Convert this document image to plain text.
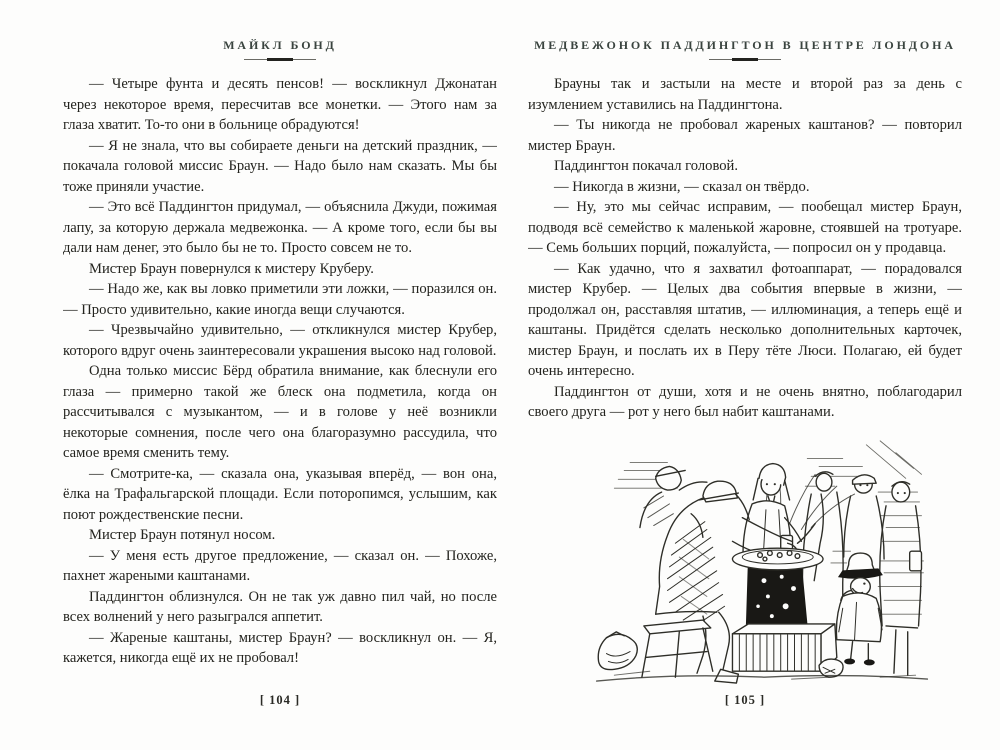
МАЙКЛ БОНД

— Четыре фунта и десять пенсов! — воскликнул Джонатан через некоторое время, пересчитав все монетки. — Этого нам за глаза хватит. То-то они в больнице обрадуются!

— Я не знала, что вы собираете деньги на детский праздник, — покачала головой миссис Браун. — Надо было нам сказать. Мы бы тоже приняли участие.

— Это всё Паддингтон придумал, — объяснила Джуди, пожимая лапу, за которую держала медвежонка. — А кроме того, если бы вы дали нам денег, это было бы не то. Просто совсем не то.

Мистер Браун повернулся к мистеру Круберу.

— Надо же, как вы ловко приметили эти ложки, — поразился он. — Просто удивительно, какие иногда вещи случаются.

— Чрезвычайно удивительно, — откликнулся мистер Крубер, которого вдруг очень заинтересовали украшения высоко над головой.

Одна только миссис Бёрд обратила внимание, как блеснули его глаза — примерно такой же блеск она подметила, когда он рассчитывался с музыкантом, — и в голове у неё возникли некоторые сомнения, после чего она благоразумно рассудила, что самое время сменить тему.

— Смотрите-ка, — сказала она, указывая вперёд, — вон она, ёлка на Трафальгарской площади. Если поторопимся, услышим, как поют рождественские песни.

Мистер Браун потянул носом.

— У меня есть другое предложение, — сказал он. — Похоже, пахнет жареными каштанами.

Паддингтон облизнулся. Он не так уж давно пил чай, но после всех волнений у него разыгрался аппетит.

— Жареные каштаны, мистер Браун? — воскликнул он. — Я, кажется, никогда ещё их не пробовал!

[ 104 ]
МЕДВЕЖОНОК ПАДДИНГТОН В ЦЕНТРЕ ЛОНДОНА

Брауны так и застыли на месте и второй раз за день с изумлением уставились на Паддингтона.

— Ты никогда не пробовал жареных каштанов? — повторил мистер Браун.

Паддингтон покачал головой.

— Никогда в жизни, — сказал он твёрдо.

— Ну, это мы сейчас исправим, — пообещал мистер Браун, подводя всё семейство к маленькой жаровне, стоявшей на тротуаре. — Семь больших порций, пожалуйста, — попросил он у продавца.

— Как удачно, что я захватил фотоаппарат, — порадовался мистер Крубер. — Целых два события впервые в жизни, — продолжал он, расставляя штатив, — иллюминация, а теперь ещё и каштаны. Придётся сделать несколько дополнительных карточек, мистер Браун, и послать их в Перу тёте Люси. Полагаю, ей будет очень интересно.

Паддингтон от души, хотя и не очень внятно, поблагодарил своего друга — рот у него был набит каштанами.

[ 105 ]
